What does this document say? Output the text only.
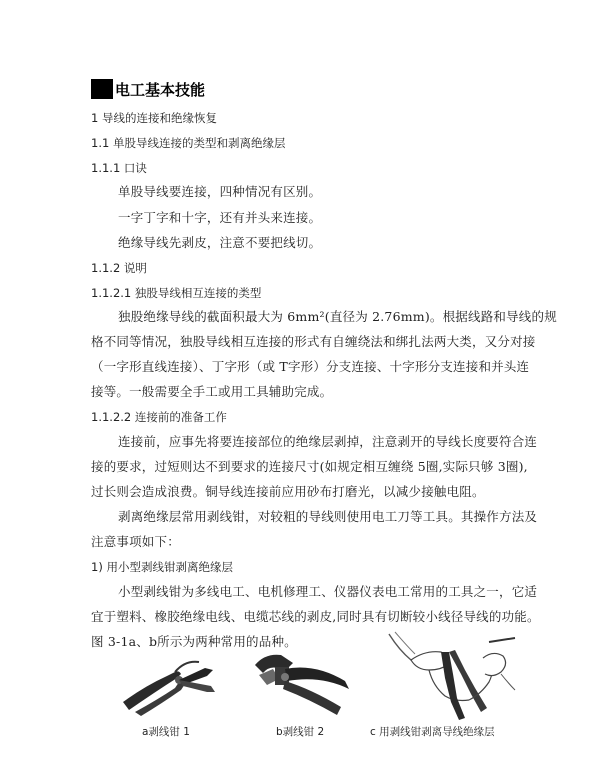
电工基本技能
1 导线的连接和绝缘恢复
1.1 单股导线连接的类型和剥离绝缘层
1.1.1 口诀
单股导线要连接，四种情况有区别。
一字丁字和十字，还有并头来连接。
绝缘导线先剥皮，注意不要把线切。
1.1.2 说明
1.1.2.1 独股导线相互连接的类型
独股绝缘导线的截面积最大为 6mm²(直径为 2.76mm)。根据线路和导线的规
格不同等情况，独股导线相互连接的形式有自缠绕法和绑扎法两大类，又分对接
（一字形直线连接）、丁字形（或 T字形）分支连接、十字形分支连接和并头连
接等。一般需要全手工或用工具辅助完成。
1.1.2.2 连接前的准备工作
连接前，应事先将要连接部位的绝缘层剥掉，注意剥开的导线长度要符合连
接的要求，过短则达不到要求的连接尺寸(如规定相互缠绕 5圈,实际只够 3圈),
过长则会造成浪费。铜导线连接前应用砂布打磨光，以减少接触电阻。
剥离绝缘层常用剥线钳，对较粗的导线则使用电工刀等工具。其操作方法及
注意事项如下：
1) 用小型剥线钳剥离绝缘层
小型剥线钳为多线电工、电机修理工、仪器仪表电工常用的工具之一，它适
宜于塑料、橡胶绝缘电线、电缆芯线的剥皮,同时具有切断较小线径导线的功能。
图 3-1a、b所示为两种常用的品种。
a剥线钳 1	b剥线钳 2	c 用剥线钳剥离导线绝缘层
